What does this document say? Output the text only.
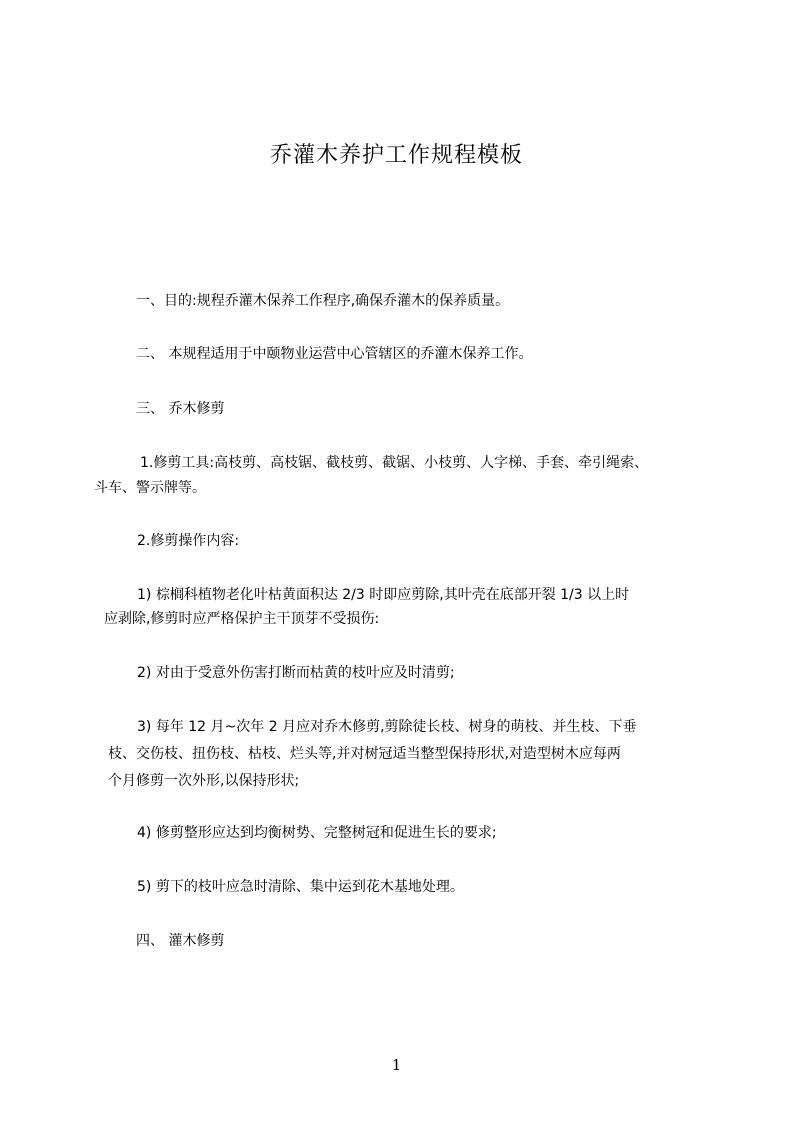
乔灌木养护工作规程模板
一、目的:规程乔灌木保养工作程序,确保乔灌木的保养质量。
二、 本规程适用于中颐物业运营中心管辖区的乔灌木保养工作。
三、 乔木修剪
1.修剪工具:高枝剪、高枝锯、截枝剪、截锯、小枝剪、人字梯、手套、牵引绳索、
斗车、警示牌等。
2.修剪操作内容:
1) 棕榈科植物老化叶枯黄面积达 2/3 时即应剪除,其叶壳在底部开裂 1/3 以上时
应剥除,修剪时应严格保护主干顶芽不受损伤:
2) 对由于受意外伤害打断而枯黄的枝叶应及时清剪;
3) 每年 12 月~次年 2 月应对乔木修剪,剪除徒长枝、树身的萌枝、并生枝、下垂
枝、交伤枝、扭伤枝、枯枝、烂头等,并对树冠适当整型保持形状,对造型树木应每两
个月修剪一次外形,以保持形状;
4) 修剪整形应达到均衡树势、完整树冠和促进生长的要求;
5) 剪下的枝叶应急时清除、集中运到花木基地处理。
四、 灌木修剪
1
